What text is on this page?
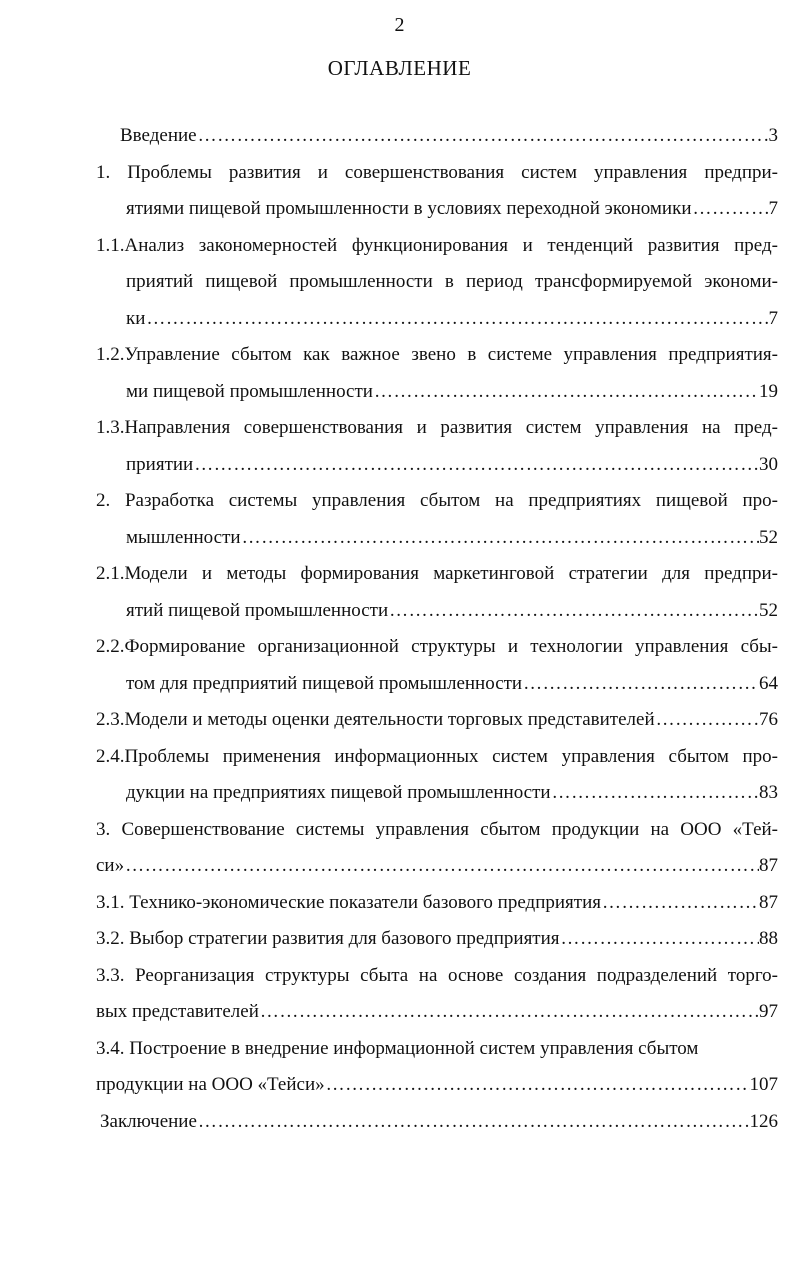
2
ОГЛАВЛЕНИЕ
Введение …………………………………………………………………………………………………………………………………………	3
1. Проблемы развития и совершенствования систем управления предпри-
ятиями пищевой промышленности в условиях переходной экономики …………………………………………………………………………………………………………………………………………	7
1.1.Анализ закономерностей функционирования и тенденций развития пред-
приятий пищевой промышленности в период трансформируемой экономи-
ки …………………………………………………………………………………………………………………………………………	7
1.2.Управление сбытом как важное звено в системе управления предприятия-
ми пищевой промышленности …………………………………………………………………………………………………………………………………………	19
1.3.Направления совершенствования и развития систем управления на пред-
приятии …………………………………………………………………………………………………………………………………………	30
2. Разработка системы управления сбытом на предприятиях пищевой про-
мышленности …………………………………………………………………………………………………………………………………………	52
2.1.Модели и методы формирования маркетинговой стратегии для предпри-
ятий пищевой промышленности …………………………………………………………………………………………………………………………………………	52
2.2.Формирование организационной структуры и технологии управления сбы-
том для предприятий пищевой промышленности …………………………………………………………………………………………………………………………………………	64
2.3.Модели и методы оценки деятельности торговых представителей …………………………………………………………………………………………………………………………………………	76
2.4.Проблемы применения информационных систем управления сбытом про-
дукции на предприятиях пищевой промышленности …………………………………………………………………………………………………………………………………………	83
3. Совершенствование системы управления сбытом продукции на ООО «Тей-
си» …………………………………………………………………………………………………………………………………………	87
3.1. Технико-экономические показатели базового предприятия …………………………………………………………………………………………………………………………………………	87
3.2. Выбор стратегии развития для базового предприятия …………………………………………………………………………………………………………………………………………	88
3.3. Реорганизация структуры сбыта на основе создания подразделений торго-
вых представителей …………………………………………………………………………………………………………………………………………	97
3.4. Построение в внедрение информационной систем управления сбытом
продукции на ООО «Тейси» …………………………………………………………………………………………………………………………………………	107
Заключение …………………………………………………………………………………………………………………………………………	126
